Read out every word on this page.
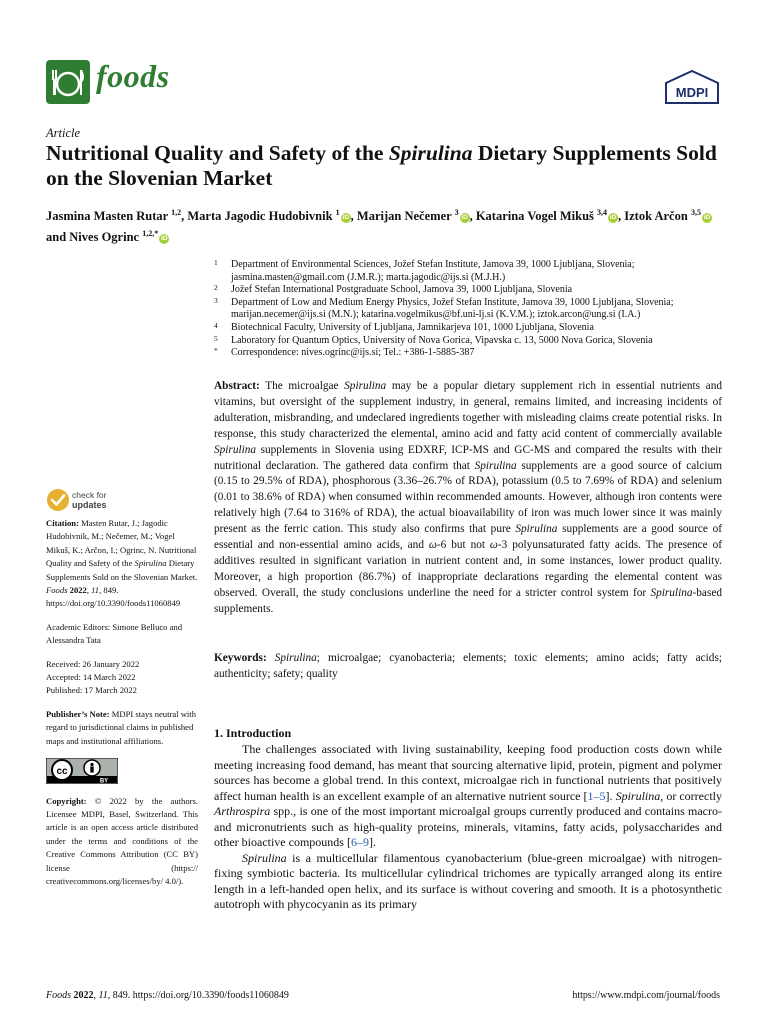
foods	MDPI
Article
Nutritional Quality and Safety of the Spirulina Dietary Supplements Sold on the Slovenian Market
Jasmina Masten Rutar $^{1,2}$, Marta Jagodic Hudobivnik $^1$iD , Marijan Nečemer $^3$iD , Katarina Vogel Mikuš $^{3,4}$iD , Iztok Arčon $^{3,5}$iD and Nives Ogrinc $^{1,2,*}$iD
1 Department of Environmental Sciences, Jožef Stefan Institute, Jamova 39, 1000 Ljubljana, Slovenia; jasmina.masten@gmail.com (J.M.R.); marta.jagodic@ijs.si (M.J.H.)
2 Jožef Stefan International Postgraduate School, Jamova 39, 1000 Ljubljana, Slovenia
3 Department of Low and Medium Energy Physics, Jožef Stefan Institute, Jamova 39, 1000 Ljubljana, Slovenia; marijan.necemer@ijs.si (M.N.); katarina.vogelmikus@bf.uni-lj.si (K.V.M.); iztok.arcon@ung.si (I.A.)
4 Biotechnical Faculty, University of Ljubljana, Jamnikarjeva 101, 1000 Ljubljana, Slovenia
5 Laboratory for Quantum Optics, University of Nova Gorica, Vipavska c. 13, 5000 Nova Gorica, Slovenia
* Correspondence: nives.ogrinc@ijs.si; Tel.: +386-1-5885-387
Abstract: The microalgae Spirulina may be a popular dietary supplement rich in essential nutrients and vitamins, but oversight of the supplement industry, in general, remains limited, and increasing incidents of adulteration, misbranding, and undeclared ingredients together with misleading claims create potential risks. In response, this study characterized the elemental, amino acid and fatty acid content of commercially available Spirulina supplements in Slovenia using EDXRF, ICP-MS and GC-MS and compared the results with their nutritional declaration. The gathered data confirm that Spirulina supplements are a good source of calcium (0.15 to 29.5% of RDA), phosphorous (3.36–26.7% of RDA), potassium (0.5 to 7.69% of RDA) and selenium (0.01 to 38.6% of RDA) when consumed within recommended amounts. However, although iron contents were relatively high (7.64 to 316% of RDA), the actual bioavailability of iron was much lower since it was mainly present as the ferric cation. This study also confirms that pure Spirulina supplements are a good source of essential and non-essential amino acids, and ω-6 but not ω-3 polyunsaturated fatty acids. The presence of additives resulted in significant variation in nutrient content and, in some instances, lower product quality. Moreover, a high proportion (86.7%) of inappropriate declarations regarding the elemental content was observed. Overall, the study conclusions underline the need for a stricter control system for Spirulina-based supplements.
Keywords: Spirulina; microalgae; cyanobacteria; elements; toxic elements; amino acids; fatty acids; authenticity; safety; quality
1. Introduction

The challenges associated with living sustainability, keeping food production costs down while meeting increasing food demand, has meant that sourcing alternative lipid, protein, pigment and polymer sources has become a global trend. In this context, microalgae rich in functional nutrients that positively affect human health is an excellent example of an alternative nutrient source [1–5]. Spirulina, or correctly Arthrospira spp., is one of the most important microalgal groups currently produced and contains macro- and micronutrients such as high-quality proteins, minerals, vitamins, fatty acids, polysaccharides and other bioactive compounds [6–9].

Spirulina is a multicellular filamentous cyanobacterium (blue-green microalgae) with nitrogen-fixing symbiotic bacteria. Its multicellular cylindrical trichomes are typically arranged along its entire length in a left-handed open helix, and its surface is without covering and smooth. It is a photosynthetic autotroph with phycocyanin as its primary

check for
updates
Citation: Masten Rutar, J.; Jagodic Hudobivnik, M.; Nečemer, M.; Vogel Mikuš, K.; Arčon, I.; Ogrinc, N. Nutritional Quality and Safety of the Spirulina Dietary Supplements Sold on the Slovenian Market. Foods 2022, 11, 849. https://doi.org/10.3390/foods11060849
Academic Editors: Simone Belluco and Alessandra Tata
Received: 26 January 2022
Accepted: 14 March 2022
Published: 17 March 2022
Publisher’s Note: MDPI stays neutral with regard to jurisdictional claims in published maps and institutional affiliations.
cc
BY
Copyright: © 2022 by the authors. Licensee MDPI, Basel, Switzerland. This article is an open access article distributed under the terms and conditions of the Creative Commons Attribution (CC BY) license (https:// creativecommons.org/licenses/by/ 4.0/).
Foods 2022, 11, 849. https://doi.org/10.3390/foods11060849	https://www.mdpi.com/journal/foods
